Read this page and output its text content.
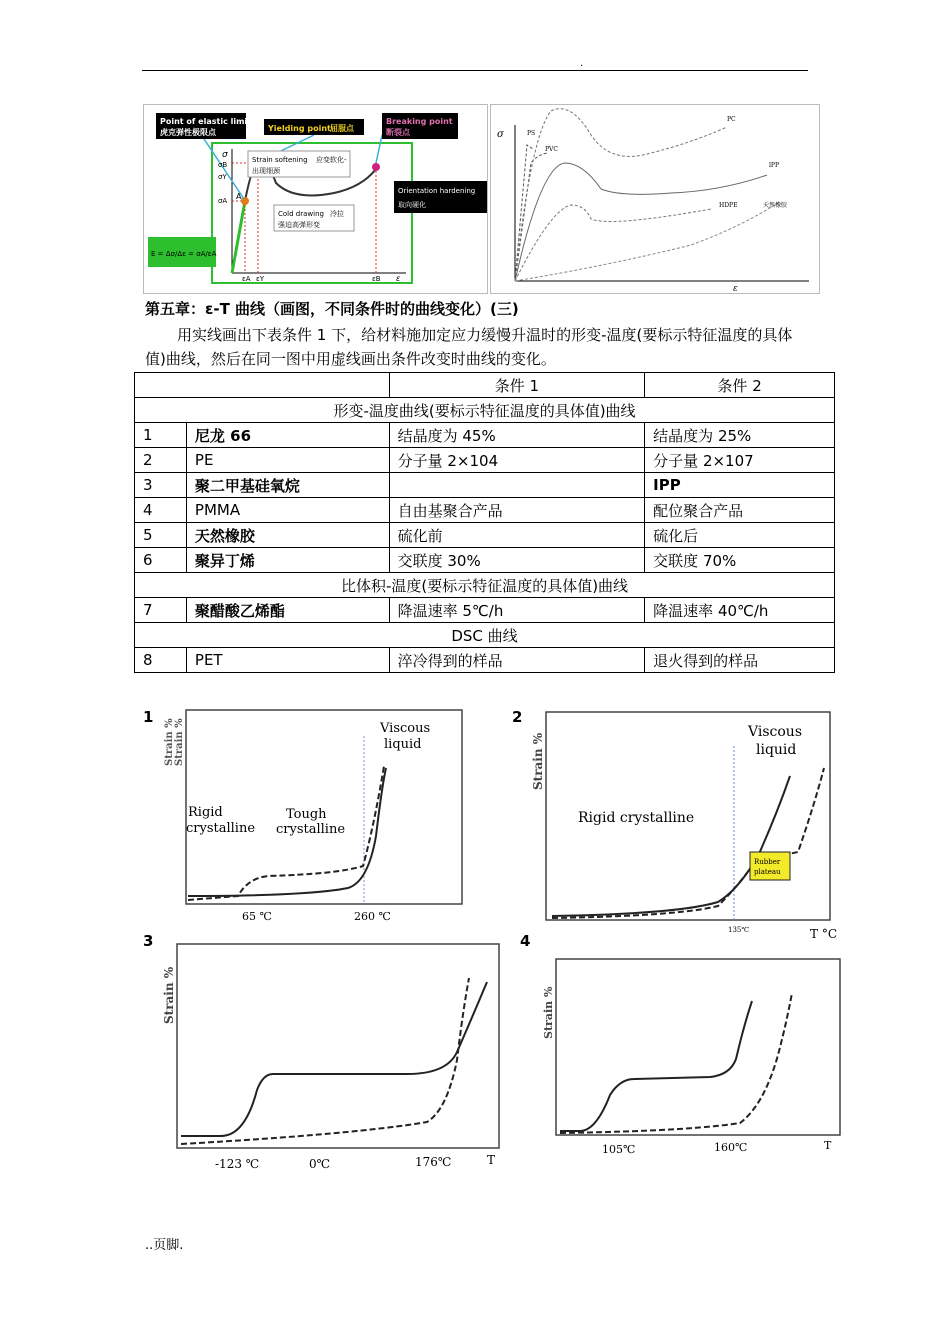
.
Point of elastic limit
虎克弹性极限点	Yielding point 屈服点
Breaking point
断裂点
Strain softening 应变软化-
出现细颈
Orientation hardening
取向硬化
Cold drawing 冷拉
强迫高弹形变
E = Δσ/Δε = σA/εA
σ
σB
σY
σA A
εA εY	εB ε
σ
ε
PS
PVC
PC
lPP
HDPE	天然橡胶
第五章：ε-T 曲线（画图，不同条件时的曲线变化）(三)
用实线画出下表条件 1 下，给材料施加定应力缓慢升温时的形变-温度(要标示特征温度的具体值)曲线，然后在同一图中用虚线画出条件改变时曲线的变化。
		条件 1	条件 2
形变-温度曲线(要标示特征温度的具体值)曲线			
1	尼龙 66	结晶度为 45%	结晶度为 25%
2	PE	分子量 2×104	分子量 2×107
3	聚二甲基硅氧烷		IPP
4	PMMA	自由基聚合产品	配位聚合产品
5	天然橡胶	硫化前	硫化后
6	聚异丁烯	交联度 30%	交联度 70%
比体积-温度(要标示特征温度的具体值)曲线			
7	聚醋酸乙烯酯	降温速率 5℃/h	降温速率 40℃/h
DSC 曲线			
8	PET	淬冷得到的样品	退火得到的样品
1	2
3	4
Strain % Strain %
Rigid
crystalline
Tough
crystalline
Viscous
liquid
65 ℃	260 ℃
Strain %
Rigid crystalline
Viscous
liquid
Rubber
plateau
135℃	T °C
Strain %
-123 ℃	0℃	176℃	T
Strain %
105℃	160℃	T
..页脚.
